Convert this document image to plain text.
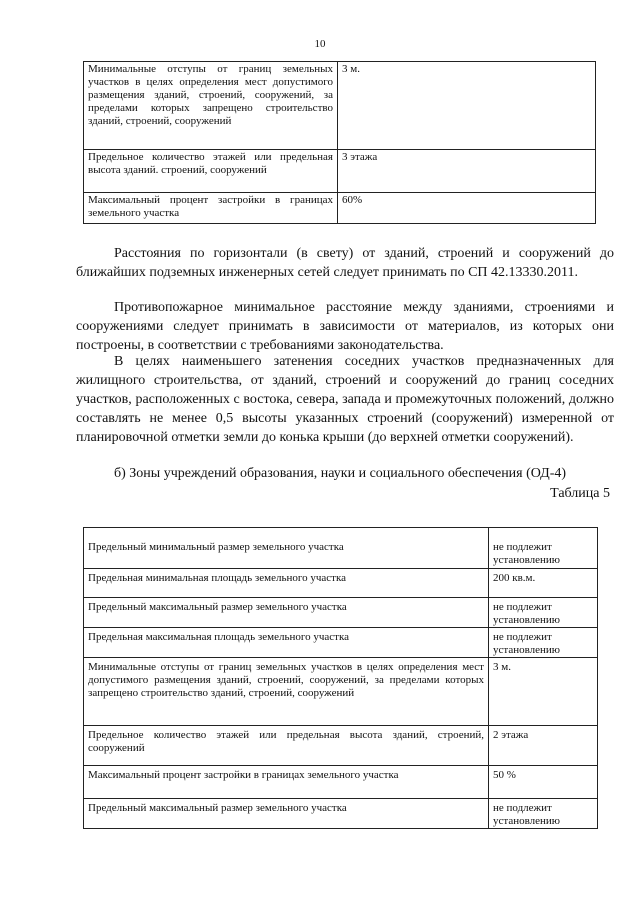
10
Минимальные отступы от границ земельных участков в целях определения мест допустимого размещения зданий, строений, сооружений, за пределами которых запрещено строительство зданий, строений, сооружений	3 м.
Предельное количество этажей или предельная высота зданий. строений, сооружений	3 этажа
Максимальный процент застройки в границах земельного участка	60%

Расстояния по горизонтали (в свету) от зданий, строений и сооружений до ближайших подземных инженерных сетей следует принимать по СП 42.13330.2011.

Противопожарное минимальное расстояние между зданиями, строениями и сооружениями следует принимать в зависимости от материалов, из которых они построены, в соответствии с требованиями законодательства.

В целях наименьшего затенения соседних участков предназначенных для жилищного строительства, от зданий, строений и сооружений до границ соседних участков, расположенных с востока, севера, запада и промежуточных положений, должно составлять не менее 0,5 высоты указанных строений (сооружений) измеренной от планировочной отметки земли до конька крыши (до верхней отметки сооружений).

б) Зоны учреждений образования, науки и социального обеспечения (ОД-4)

Таблица 5

Предельный минимальный размер земельного участка	не подлежит установлению
Предельная минимальная площадь земельного участка	200 кв.м.
Предельный максимальный размер земельного участка	не подлежит установлению
Предельная максимальная площадь земельного участка	не подлежит установлению
Минимальные отступы от границ земельных участков в целях определения мест допустимого размещения зданий, строений, сооружений, за пределами которых запрещено строительство зданий, строений, сооружений	3 м.
Предельное количество этажей или предельная высота зданий, строений, сооружений	2 этажа
Максимальный процент застройки в границах земельного участка	50 %
Предельный максимальный размер земельного участка	не подлежит установлению
